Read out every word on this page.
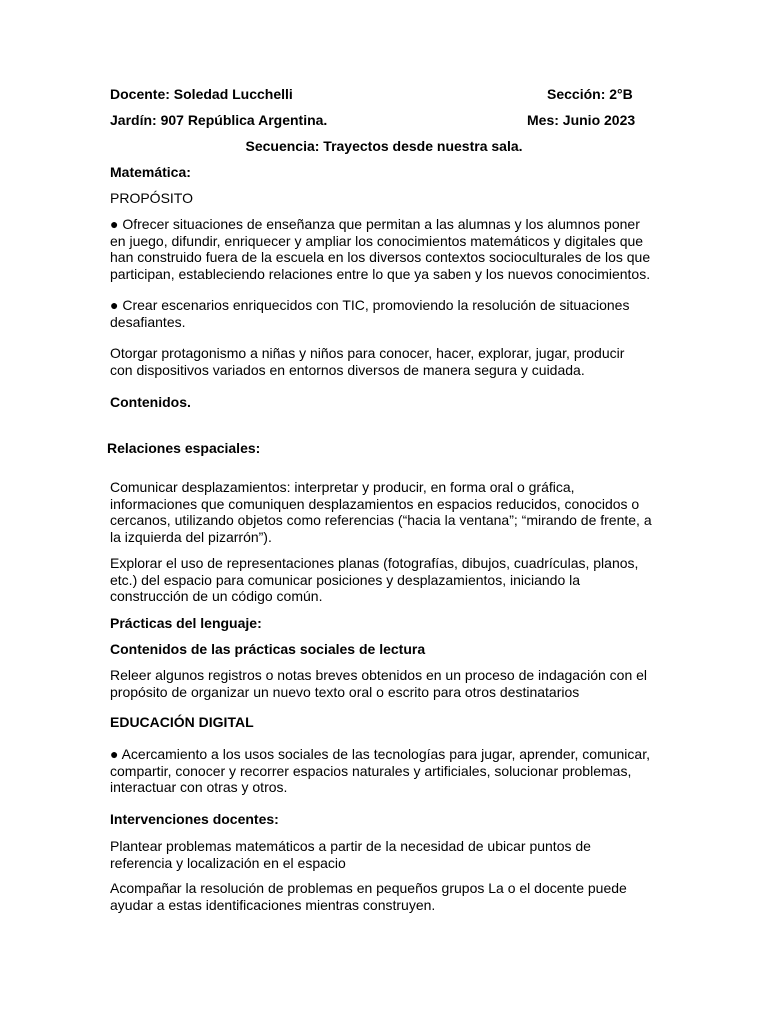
Docente: Soledad Lucchelli	Sección: 2°B
Jardín: 907 República Argentina.	Mes: Junio 2023
Secuencia: Trayectos desde nuestra sala.
Matemática:
PROPÓSITO

● Ofrecer situaciones de enseñanza que permitan a las alumnas y los alumnos poner en juego, difundir, enriquecer y ampliar los conocimientos matemáticos y digitales que han construido fuera de la escuela en los diversos contextos socioculturales de los que participan, estableciendo relaciones entre lo que ya saben y los nuevos conocimientos.

● Crear escenarios enriquecidos con TIC, promoviendo la resolución de situaciones desafiantes.

Otorgar protagonismo a niñas y niños para conocer, hacer, explorar, jugar, producir con dispositivos variados en entornos diversos de manera segura y cuidada.

Contenidos.
Relaciones espaciales:

Comunicar desplazamientos: interpretar y producir, en forma oral o gráfica, informaciones que comuniquen desplazamientos en espacios reducidos, conocidos o cercanos, utilizando objetos como referencias (“hacia la ventana”; “mirando de frente, a la izquierda del pizarrón”).

Explorar el uso de representaciones planas (fotografías, dibujos, cuadrículas, planos, etc.) del espacio para comunicar posiciones y desplazamientos, iniciando la construcción de un código común.

Prácticas del lenguaje:
Contenidos de las prácticas sociales de lectura

Releer algunos registros o notas breves obtenidos en un proceso de indagación con el propósito de organizar un nuevo texto oral o escrito para otros destinatarios

EDUCACIÓN DIGITAL

● Acercamiento a los usos sociales de las tecnologías para jugar, aprender, comunicar, compartir, conocer y recorrer espacios naturales y artificiales, solucionar problemas, interactuar con otras y otros.

Intervenciones docentes:

Plantear problemas matemáticos a partir de la necesidad de ubicar puntos de referencia y localización en el espacio

Acompañar la resolución de problemas en pequeños grupos La o el docente puede ayudar a estas identificaciones mientras construyen.
